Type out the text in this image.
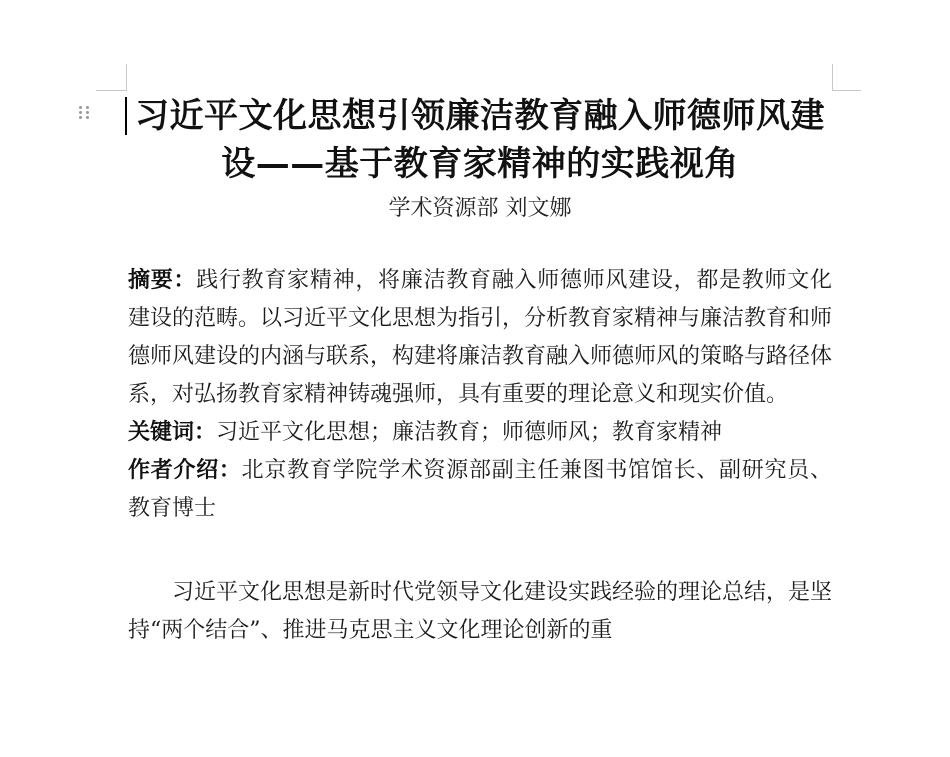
习近平文化思想引领廉洁教育融入师德师风建设——基于教育家精神的实践视角

学术资源部 刘文娜

摘要：践行教育家精神，将廉洁教育融入师德师风建设，都是教师文化建设的范畴。以习近平文化思想为指引，分析教育家精神与廉洁教育和师德师风建设的内涵与联系，构建将廉洁教育融入师德师风的策略与路径体系，对弘扬教育家精神铸魂强师，具有重要的理论意义和现实价值。

关键词：习近平文化思想；廉洁教育；师德师风；教育家精神

作者介绍：北京教育学院学术资源部副主任兼图书馆馆长、副研究员、教育博士

习近平文化思想是新时代党领导文化建设实践经验的理论总结，是坚持“两个结合”、推进马克思主义文化理论创新的重
